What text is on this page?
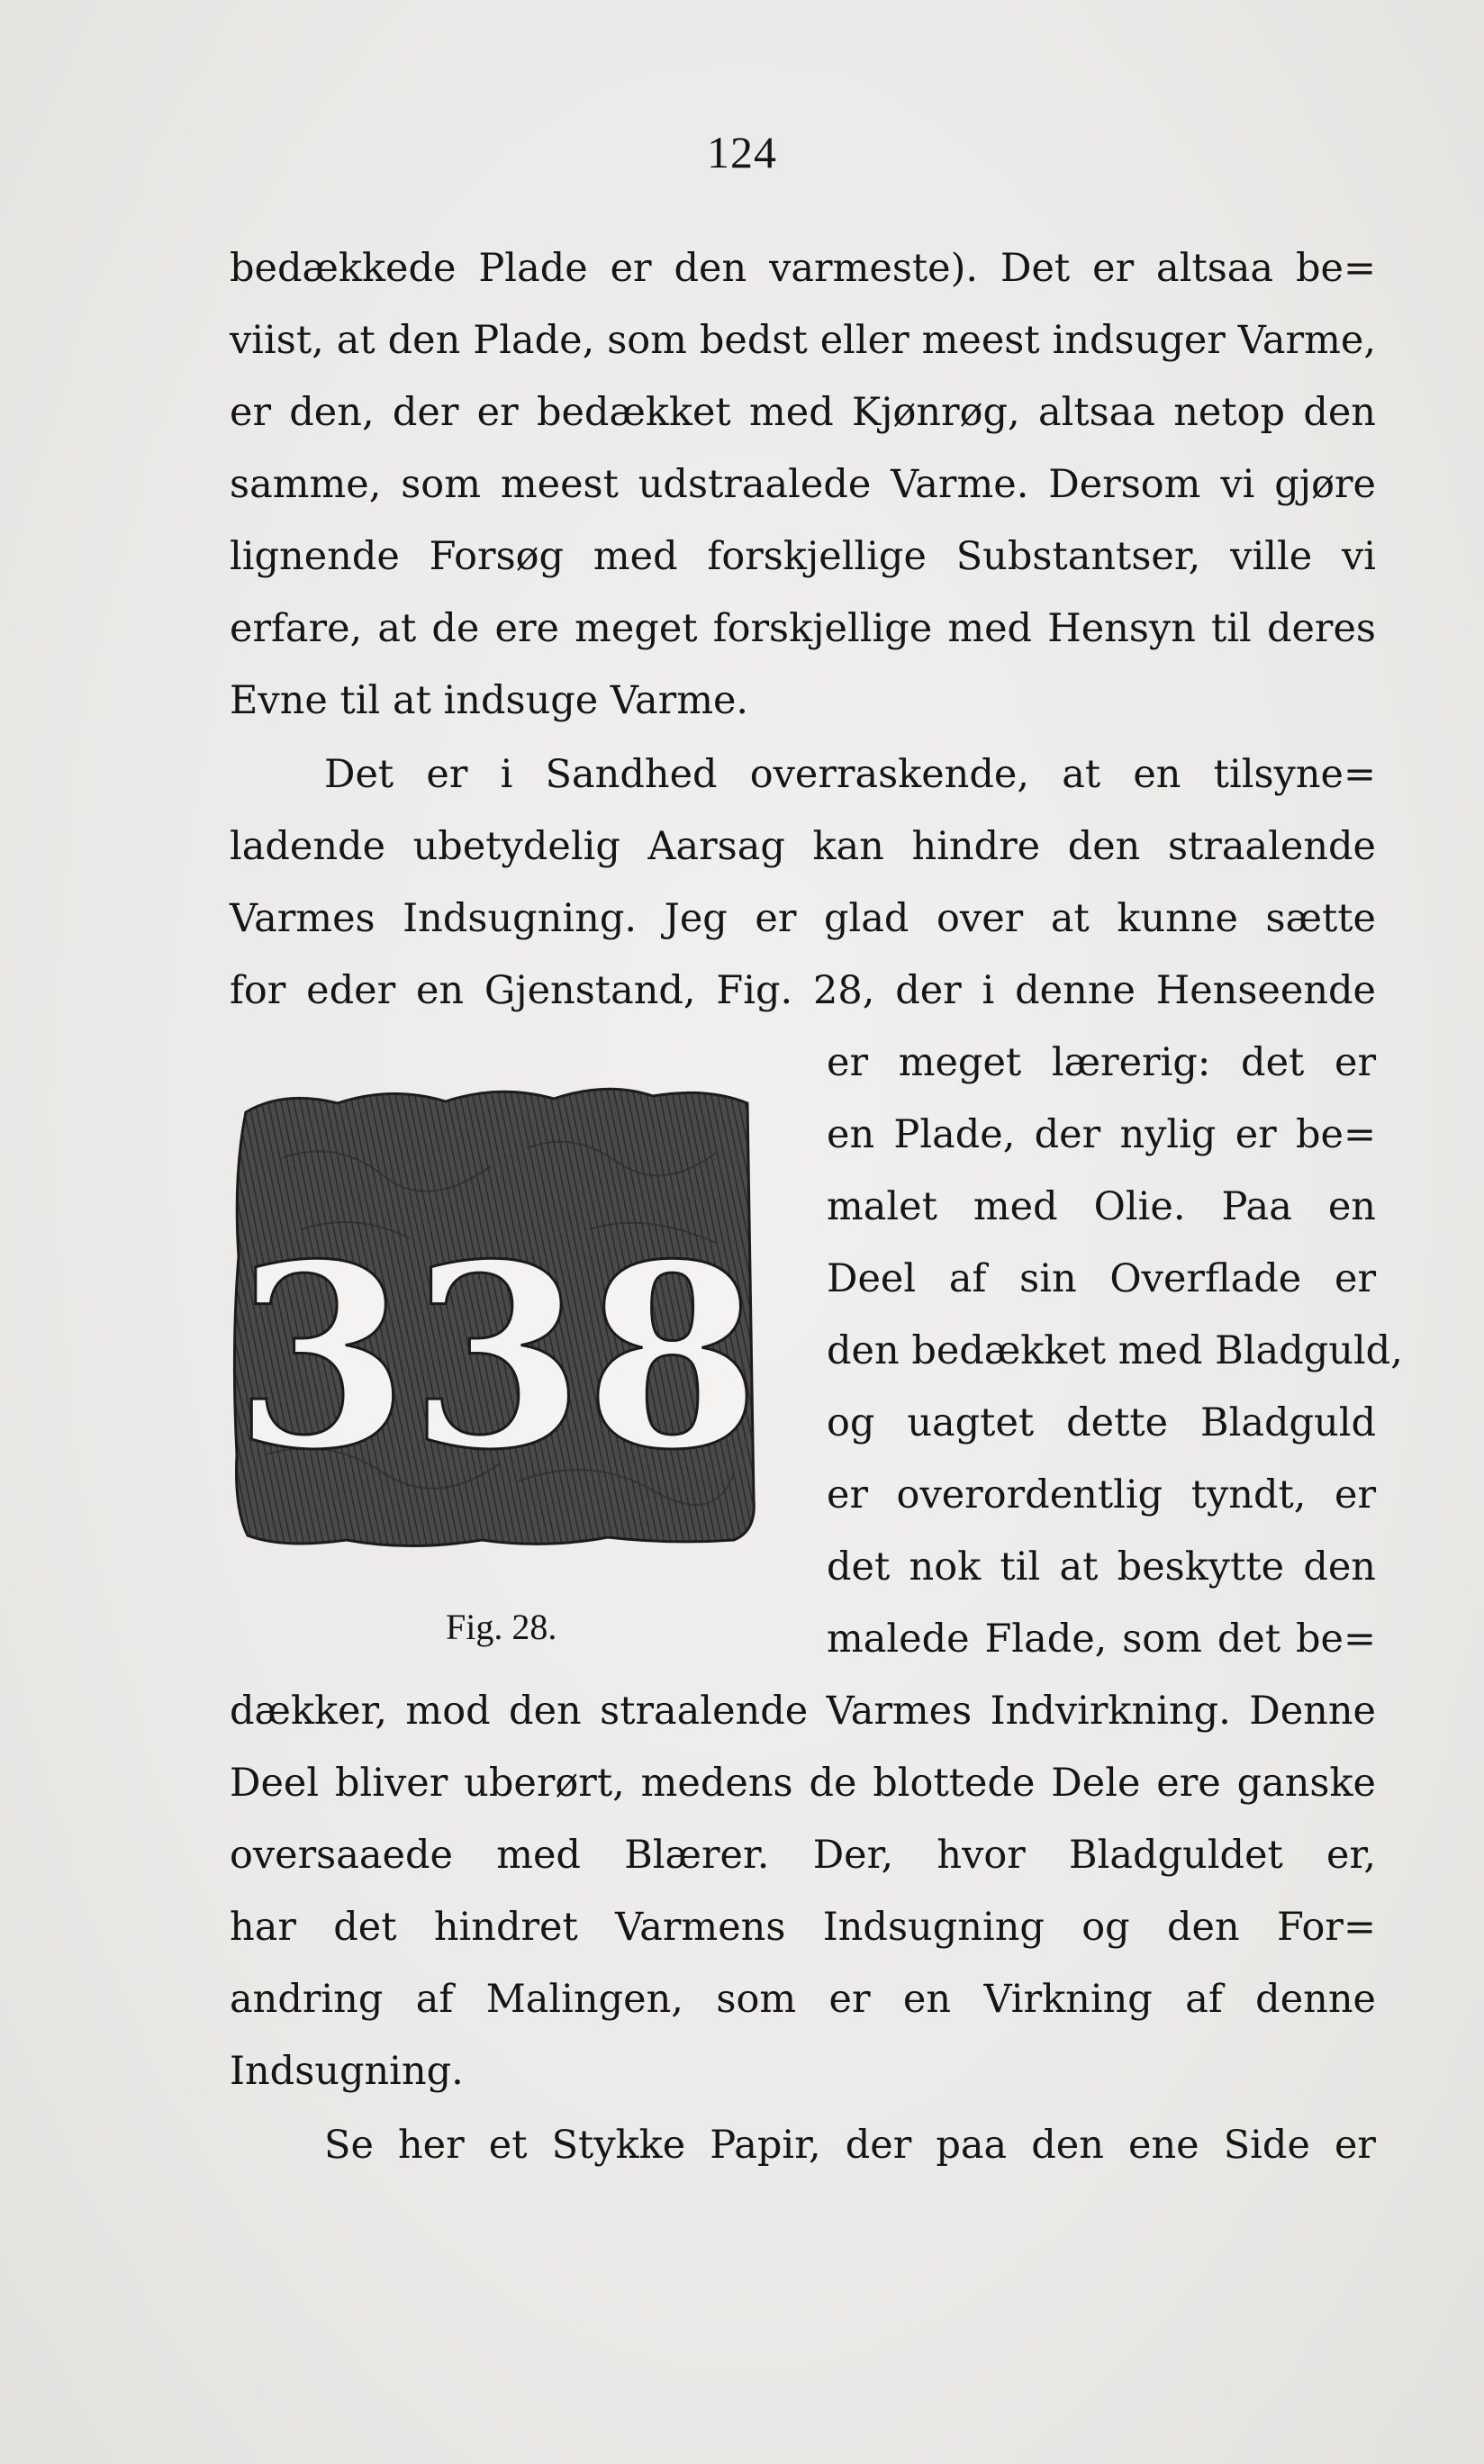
124
bedækkede Plade er den varmeste). Det er altsaa be=
viist, at den Plade, som bedst eller meest indsuger Varme,
er den, der er bedækket med Kjønrøg, altsaa netop den
samme, som meest udstraalede Varme. Dersom vi gjøre
lignende Forsøg med forskjellige Substantser, ville vi
erfare, at de ere meget forskjellige med Hensyn til deres
Evne til at indsuge Varme.
Det er i Sandhed overraskende, at en tilsyne=
ladende ubetydelig Aarsag kan hindre den straalende
Varmes Indsugning. Jeg er glad over at kunne sætte
for eder en Gjenstand, Fig. 28, der i denne Henseende
er meget lærerig: det er
en Plade, der nylig er be=
malet med Olie. Paa en
Deel af sin Overflade er
den bedækket med Bladguld,
og uagtet dette Bladguld
er overordentlig tyndt, er
det nok til at beskytte den
malede Flade, som det be=
dækker, mod den straalende Varmes Indvirkning. Denne
Deel bliver uberørt, medens de blottede Dele ere ganske
oversaaede med Blærer. Der, hvor Bladguldet er,
har det hindret Varmens Indsugning og den For=
andring af Malingen, som er en Virkning af denne
Indsugning.
Se her et Stykke Papir, der paa den ene Side er
338
Fig. 28.
